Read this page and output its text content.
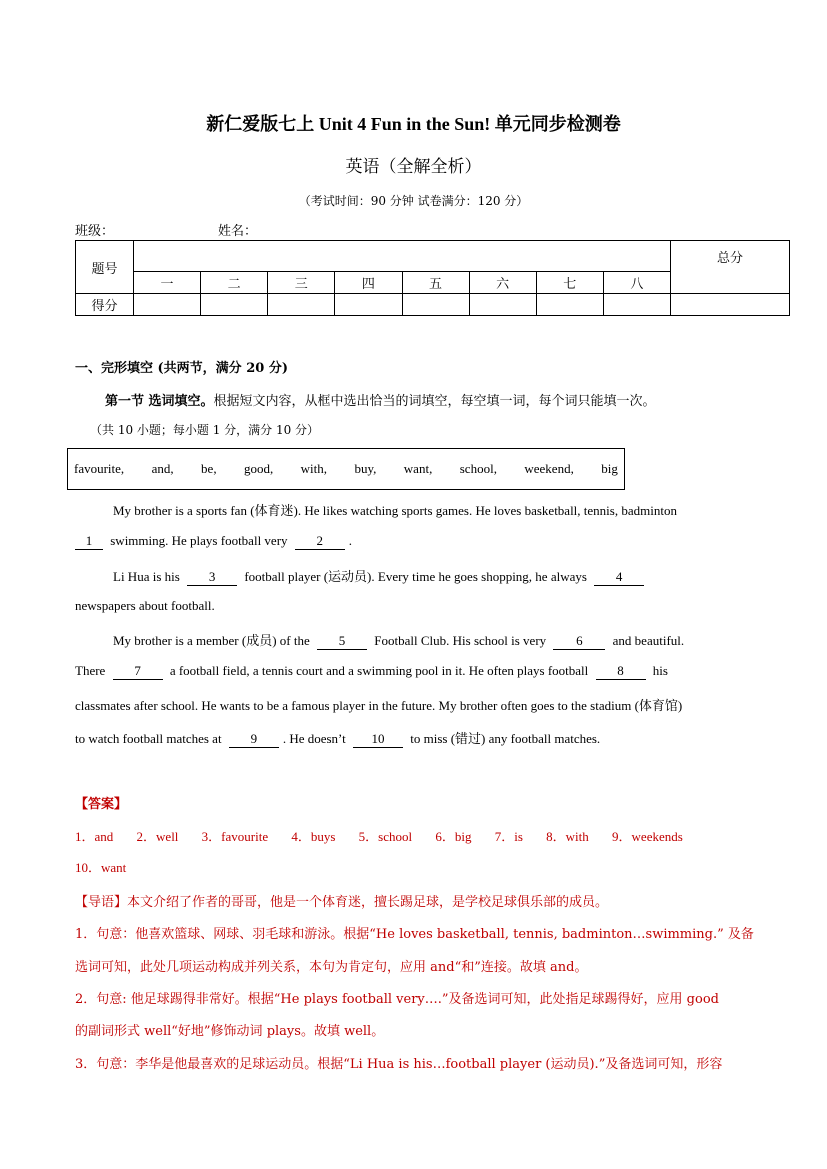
新仁爱版七上 Unit 4 Fun in the Sun! 单元同步检测卷
英语（全解全析）
（考试时间：90 分钟 试卷满分：120 分）
班级：	姓名：
题号									总分
	一	二	三	四	五	六	七	八	
得分									
一、完形填空 (共两节，满分 20 分)
第一节 选词填空。根据短文内容，从框中选出恰当的词填空，每空填一词，每个词只能填一次。
（共 10 小题；每小题 1 分，满分 10 分）
favourite, and, be, good, with, buy, want, school, weekend, big
My brother is a sports fan (体育迷). He likes watching sports games. He loves basketball, tennis, badminton
1 swimming. He plays football very 2 .
Li Hua is his 3 football player (运动员). Every time he goes shopping, he always 4
newspapers about football.
My brother is a member (成员) of the 5 Football Club. His school is very 6 and beautiful.
There 7 a football field, a tennis court and a swimming pool in it. He often plays football 8 his
classmates after school. He wants to be a famous player in the future. My brother often goes to the stadium (体育馆)
to watch football matches at 9 . He doesn’t 10 to miss (错过) any football matches.
【答案】
1．and 2．well 3．favourite 4．buys 5．school 6．big 7．is 8．with 9．weekends
10．want
【导语】本文介绍了作者的哥哥，他是一个体育迷，擅长踢足球，是学校足球俱乐部的成员。
1．句意：他喜欢篮球、网球、羽毛球和游泳。根据“He loves basketball, tennis, badminton…swimming.” 及备
选词可知，此处几项运动构成并列关系，本句为肯定句，应用 and“和”连接。故填 and。
2．句意: 他足球踢得非常好。根据“He plays football very….”及备选词可知，此处指足球踢得好，应用 good
的副词形式 well“好地”修饰动词 plays。故填 well。
3．句意：李华是他最喜欢的足球运动员。根据“Li Hua is his…football player (运动员).”及备选词可知，形容
